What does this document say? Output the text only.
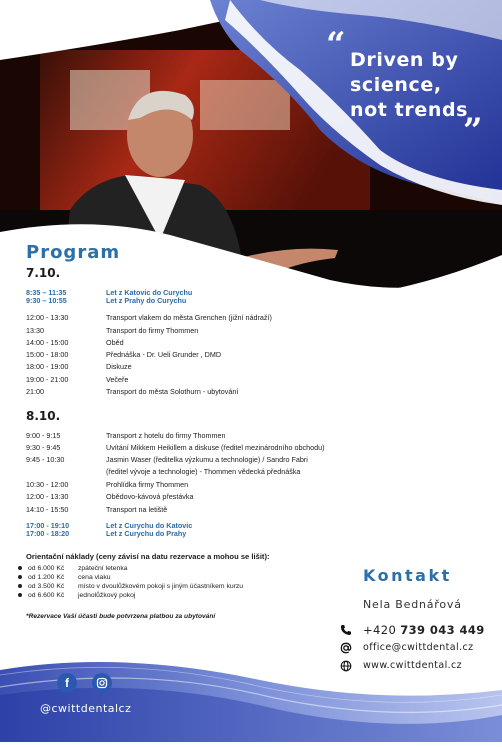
“ Driven by
science,
not trends
”
Program
7.10.
8:35 – 11:35	Let z Katovic do Curychu
9:30 – 10:55	Let z Prahy do Curychu
12:00 - 13:30	Transport vlakem do města Grenchen (jižní nádraží)
13:30	Transport do firmy Thommen
14:00 - 15:00	Oběd
15:00 - 18:00	Přednáška - Dr. Ueli Grunder , DMD
18:00 - 19:00	Diskuze
19:00 - 21:00	Večeře
21:00	Transport do města Solothurn - ubytování
8.10.
9:00 - 9:15	Transport z hotelu do firmy Thommen
9:30 - 9:45	Uvítání Mikkem Heikillem a diskuse (ředitel mezinárodního obchodu)
9:45 - 10:30	Jasmin Waser (ředitelka výzkumu a technologie) / Sandro Fabri
(ředitel vývoje a technologie) - Thommen vědecká přednáška
10:30 - 12:00	Prohlídka firmy Thommen
12:00 - 13:30	Obědovo-kávová přestávka
14:10 - 15:50	Transport na letiště
17:00 - 19:10	Let z Curychu do Katovic
17:00 - 18:20	Let z Curychu do Prahy
Orientační náklady (ceny závisí na datu rezervace a mohou se lišit):
od 6.000 Kč zpáteční letenka
od 1.200 Kč cena vlaku
od 3.500 Kč místo v dvoulůžkovém pokoji s jiným účastníkem kurzu
od 6.600 Kč jednolůžkový pokoj
*Rezervace Vaší účasti bude potvrzena platbou za ubytování
Kontakt
Nela Bednářová
+420 739 043 449
office@cwittdental.cz
www.cwittdental.cz
f
@cwittdentalcz
